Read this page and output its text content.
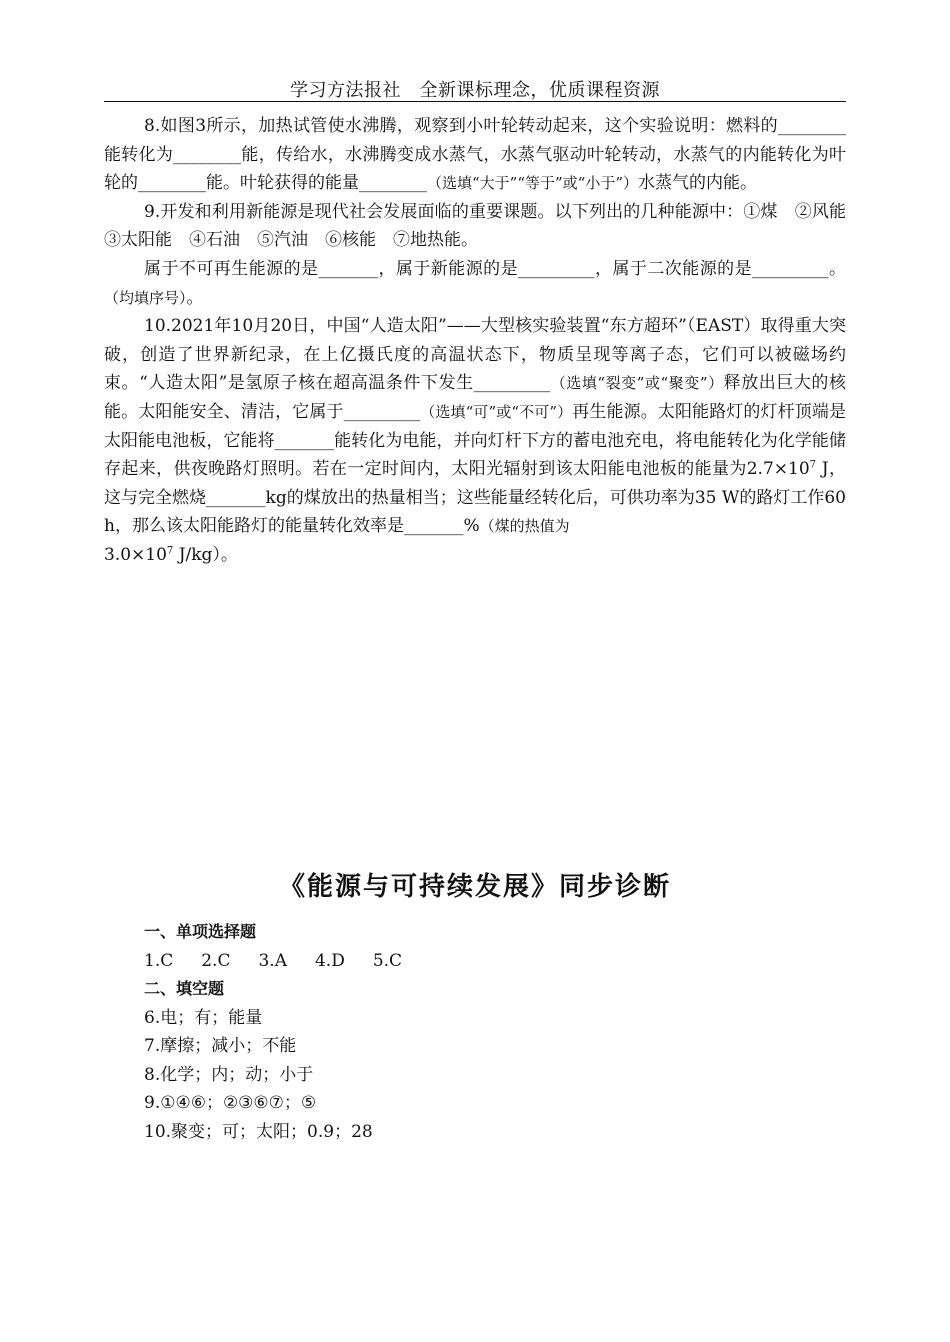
学习方法报社　全新课标理念，优质课程资源

8.如图3所示，加热试管使水沸腾，观察到小叶轮转动起来，这个实验说明：燃料的________能转化为________能，传给水，水沸腾变成水蒸气，水蒸气驱动叶轮转动，水蒸气的内能转化为叶轮的________能。叶轮获得的能量________（选填“大于”“等于”或“小于”）水蒸气的内能。

9.开发和利用新能源是现代社会发展面临的重要课题。以下列出的几种能源中：①煤　②风能　③太阳能　④石油　⑤汽油　⑥核能　⑦地热能。

属于不可再生能源的是_______，属于新能源的是_________，属于二次能源的是_________。（均填序号）。

10.2021年10月20日，中国“人造太阳”——大型核实验装置“东方超环”（EAST）取得重大突破，创造了世界新纪录，在上亿摄氏度的高温状态下，物质呈现等离子态，它们可以被磁场约束。“人造太阳”是氢原子核在超高温条件下发生_________（选填“裂变”或“聚变”）释放出巨大的核能。太阳能安全、清洁，它属于_________（选填“可”或“不可”）再生能源。太阳能路灯的灯杆顶端是太阳能电池板，它能将_______能转化为电能，并向灯杆下方的蓄电池充电，将电能转化为化学能储存起来，供夜晚路灯照明。若在一定时间内，太阳光辐射到该太阳能电池板的能量为$2.7\times 10^7$ J，这与完全燃烧_______kg的煤放出的热量相当；这些能量经转化后，可供功率为35 W的路灯工作60 h，那么该太阳能路灯的能量转化效率是_______%（煤的热值为
$3.0\times 10^7$ J/kg）。

《能源与可持续发展》同步诊断
一、单项选择题
1.C 2.C 3.A 4.D 5.C
二、填空题
6.电；有；能量
7.摩擦；减小；不能
8.化学；内；动；小于
9.①④⑥；②③⑥⑦；⑤
10.聚变；可；太阳；0.9；28
